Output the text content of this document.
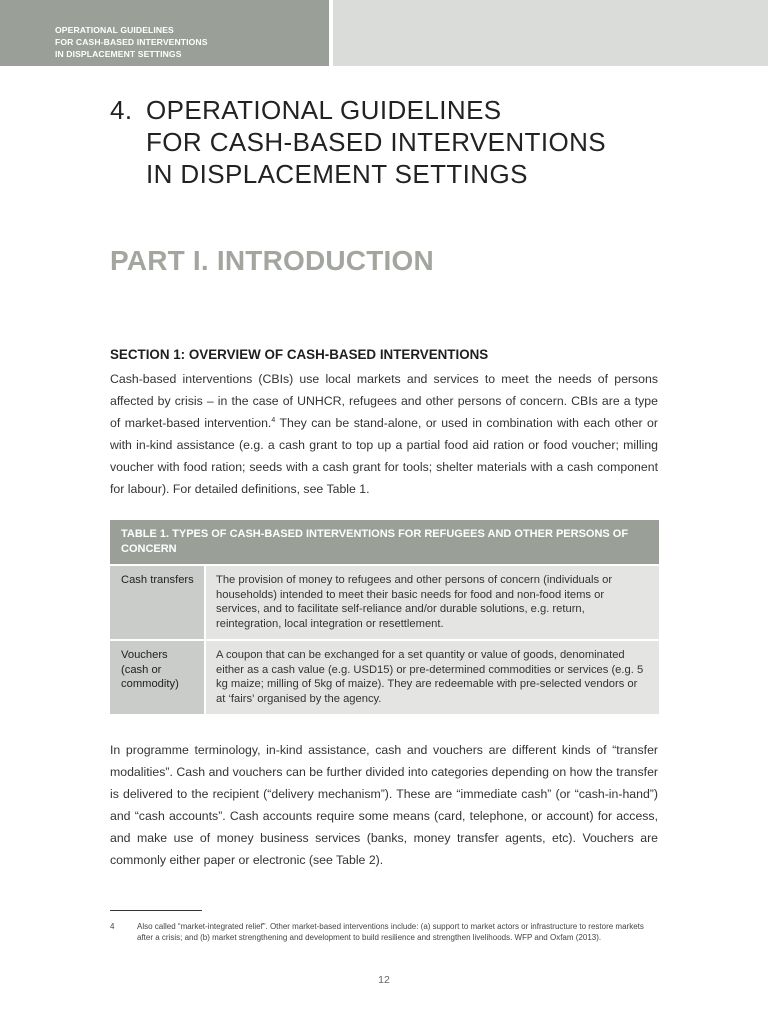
OPERATIONAL GUIDELINES
FOR CASH-BASED INTERVENTIONS
IN DISPLACEMENT SETTINGS
4. OPERATIONAL GUIDELINES
FOR CASH-BASED INTERVENTIONS
IN DISPLACEMENT SETTINGS
PART I. INTRODUCTION
SECTION 1: OVERVIEW OF CASH-BASED INTERVENTIONS

Cash-based interventions (CBIs) use local markets and services to meet the needs of persons affected by crisis – in the case of UNHCR, refugees and other persons of concern. CBIs are a type of market-based intervention.$^4$ They can be stand-alone, or used in combination with each other or with in-kind assistance (e.g. a cash grant to top up a partial food aid ration or food voucher; milling voucher with food ration; seeds with a cash grant for tools; shelter materials with a cash component for labour). For detailed definitions, see Table 1.

TABLE 1. TYPES OF CASH-BASED INTERVENTIONS FOR REFUGEES AND OTHER PERSONS OF CONCERN	
Cash transfers	The provision of money to refugees and other persons of concern (individuals or households) intended to meet their basic needs for food and non-food items or services, and to facilitate self-reliance and/or durable solutions, e.g. return, reintegration, local integration or resettlement.
Vouchers (cash or commodity)	A coupon that can be exchanged for a set quantity or value of goods, denominated either as a cash value (e.g. USD15) or pre-determined commodities or services (e.g. 5 kg maize; milling of 5kg of maize). They are redeemable with pre-selected vendors or at ‘fairs’ organised by the agency.

In programme terminology, in-kind assistance, cash and vouchers are different kinds of “transfer modalities”. Cash and vouchers can be further divided into categories depending on how the transfer is delivered to the recipient (“delivery mechanism”). These are “immediate cash” (or “cash-in-hand”) and “cash accounts”. Cash accounts require some means (card, telephone, or account) for access, and make use of money business services (banks, money transfer agents, etc). Vouchers are commonly either paper or electronic (see Table 2).

4	Also called “market-integrated relief”. Other market-based interventions include: (a) support to market actors or infrastructure to restore markets after a crisis; and (b) market strengthening and development to build resilience and strengthen livelihoods. WFP and Oxfam (2013).
12
